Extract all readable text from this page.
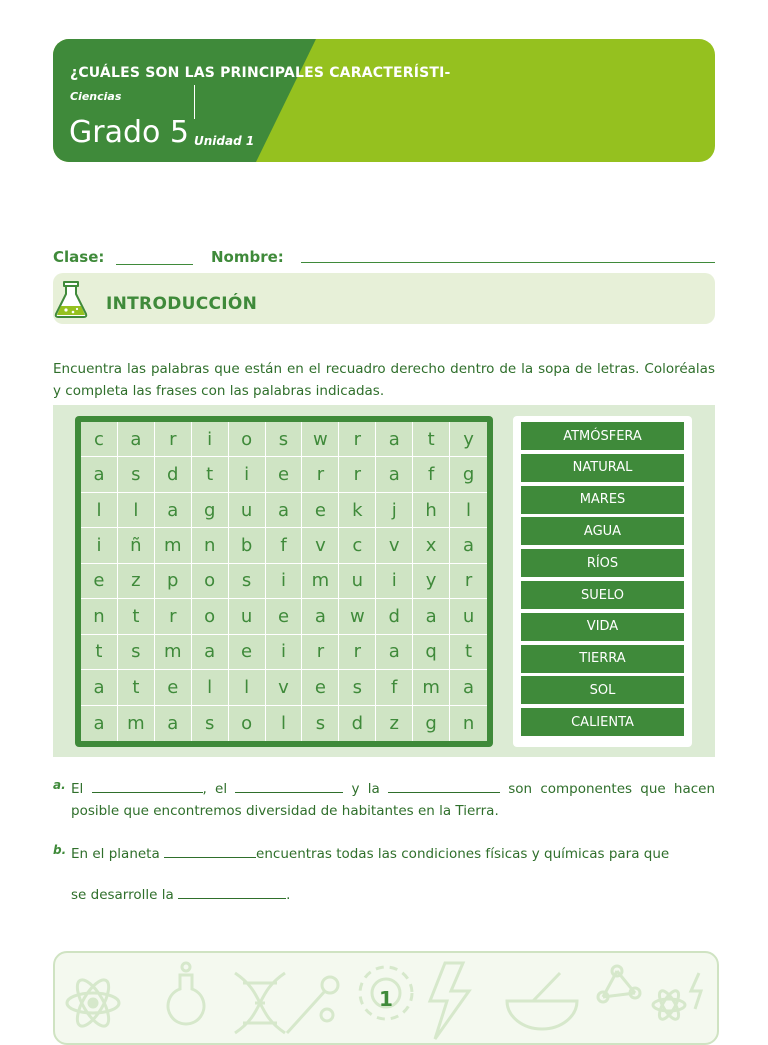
¿CUÁLES SON LAS PRINCIPALES CARACTERÍSTI-
Ciencias
Grado 5 Unidad 1
Clase:	Nombre:
INTRODUCCIÓN
Encuentra las palabras que están en el recuadro derecho dentro de la sopa de letras. Coloréalas y completa las frases con las palabras indicadas.
c	a	r	i	o	s	w	r	a	t	y
a	s	d	t	i	e	r	r	a	f	g
l	l	a	g	u	a	e	k	j	h	l
i	ñ	m	n	b	f	v	c	v	x	a
e	z	p	o	s	i	m	u	i	y	r
n	t	r	o	u	e	a	w	d	a	u
t	s	m	a	e	i	r	r	a	q	t
a	t	e	l	l	v	e	s	f	m	a
a	m	a	s	o	l	s	d	z	g	n
ATMÓSFERA
NATURAL
MARES
AGUA
RÍOS
SUELO
VIDA
TIERRA
SOL
CALIENTA
a. El	, el	y la	son componentes que hacen posible que encontremos diversidad de habitantes en la Tierra.
b. En el planeta	encuentras todas las condiciones físicas y químicas para que
se desarrolle la	.
1
